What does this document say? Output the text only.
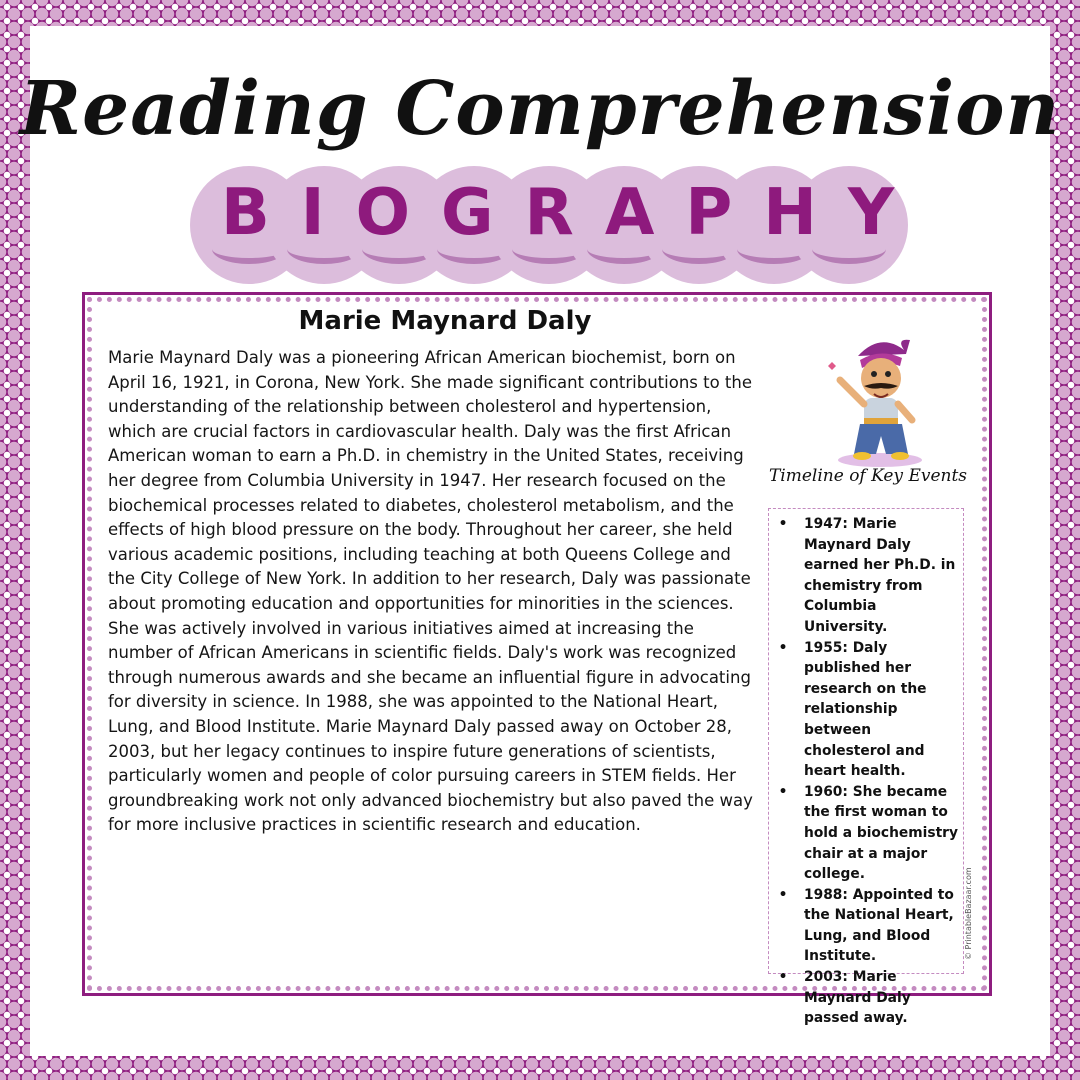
Reading Comprehension
BIOGRAPHY
Marie Maynard Daly

Marie Maynard Daly was a pioneering African American biochemist, born on April 16, 1921, in Corona, New York. She made significant contributions to the understanding of the relationship between cholesterol and hypertension, which are crucial factors in cardiovascular health. Daly was the first African American woman to earn a Ph.D. in chemistry in the United States, receiving her degree from Columbia University in 1947. Her research focused on the biochemical processes related to diabetes, cholesterol metabolism, and the effects of high blood pressure on the body. Throughout her career, she held various academic positions, including teaching at both Queens College and the City College of New York. In addition to her research, Daly was passionate about promoting education and opportunities for minorities in the sciences. She was actively involved in various initiatives aimed at increasing the number of African Americans in scientific fields. Daly's work was recognized through numerous awards and she became an influential figure in advocating for diversity in science. In 1988, she was appointed to the National Heart, Lung, and Blood Institute. Marie Maynard Daly passed away on October 28, 2003, but her legacy continues to inspire future generations of scientists, particularly women and people of color pursuing careers in STEM fields. Her groundbreaking work not only advanced biochemistry but also paved the way for more inclusive practices in scientific research and education.

Timeline of Key Events

• 1947: Marie Maynard Daly earned her Ph.D. in chemistry from Columbia University.
• 1955: Daly published her research on the relationship between cholesterol and heart health.
• 1960: She became the first woman to hold a biochemistry chair at a major college.
• 1988: Appointed to the National Heart, Lung, and Blood Institute.
• 2003: Marie Maynard Daly passed away.
© PrintableBazaar.com
